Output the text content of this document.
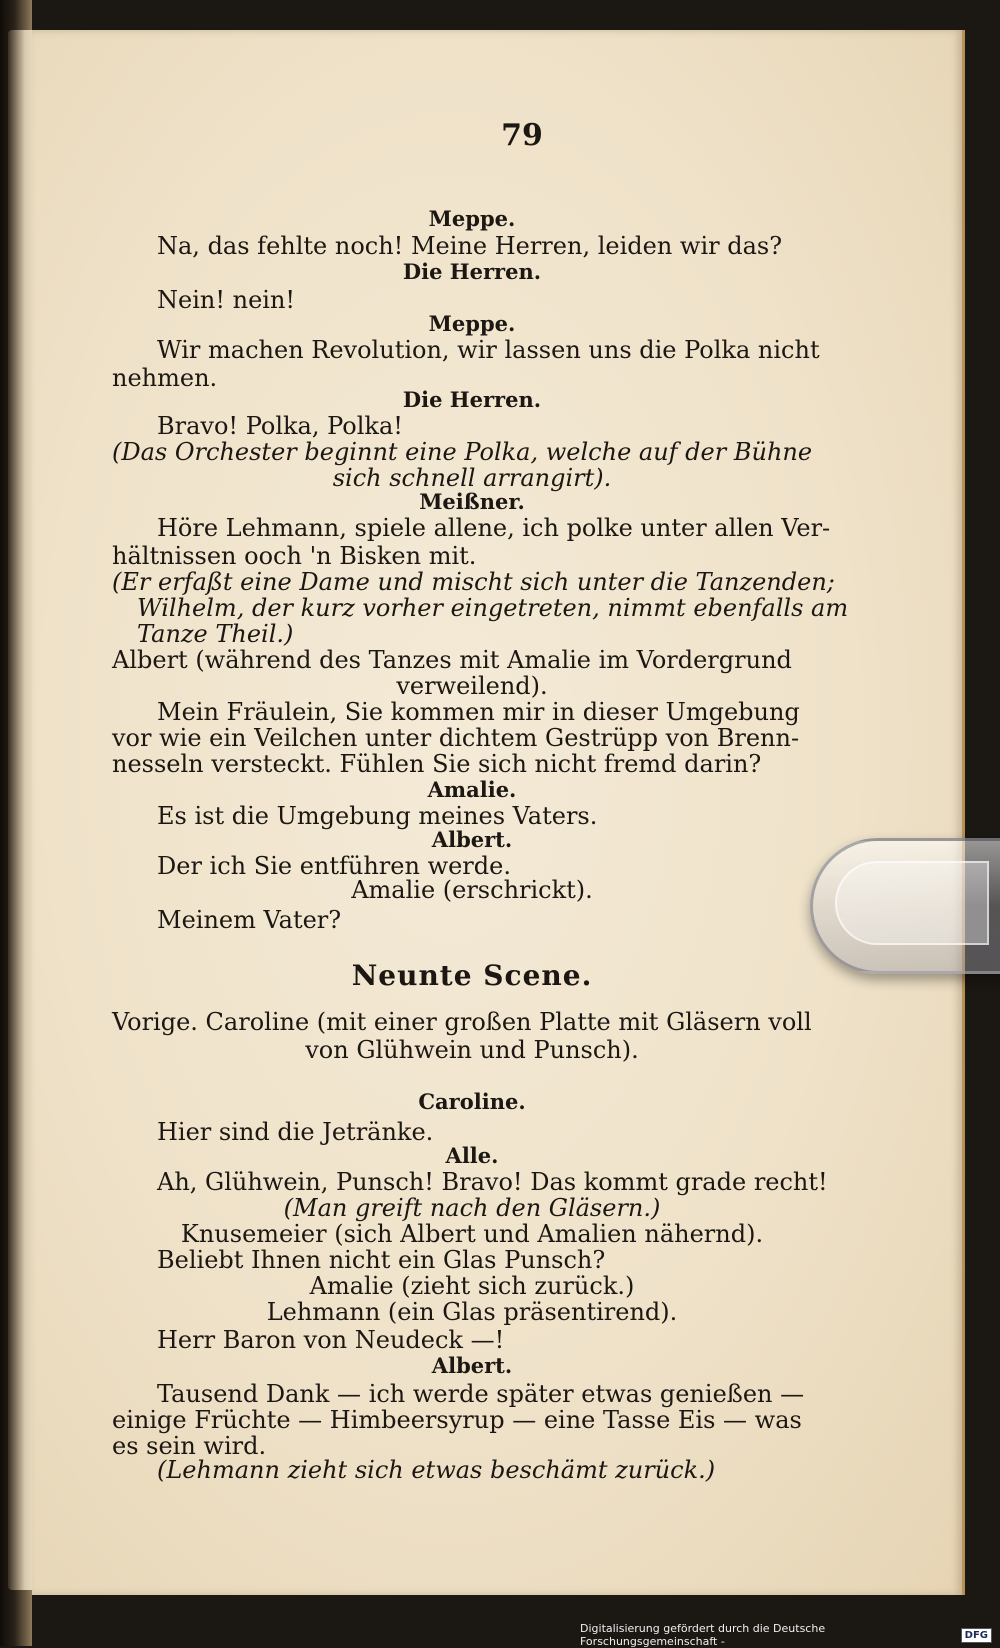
79
Meppe.
Na, das fehlte noch! Meine Herren, leiden wir das?
Die Herren.
Nein! nein!
Meppe.
Wir machen Revolution, wir lassen uns die Polka nicht
nehmen.
Die Herren.
Bravo! Polka, Polka!
(Das Orchester beginnt eine Polka, welche auf der Bühne
sich schnell arrangirt).
Meißner.
Höre Lehmann, spiele allene, ich polke unter allen Ver-
hältnissen ooch 'n Bisken mit.
(Er erfaßt eine Dame und mischt sich unter die Tanzenden;
Wilhelm, der kurz vorher eingetreten, nimmt ebenfalls am
Tanze Theil.)
Albert (während des Tanzes mit Amalie im Vordergrund
verweilend).
Mein Fräulein, Sie kommen mir in dieser Umgebung
vor wie ein Veilchen unter dichtem Gestrüpp von Brenn-
nesseln versteckt. Fühlen Sie sich nicht fremd darin?
Amalie.
Es ist die Umgebung meines Vaters.
Albert.
Der ich Sie entführen werde.
Amalie (erschrickt).
Meinem Vater?
Neunte Scene.
Vorige. Caroline (mit einer großen Platte mit Gläsern voll
von Glühwein und Punsch).
Caroline.
Hier sind die Jetränke.
Alle.
Ah, Glühwein, Punsch! Bravo! Das kommt grade recht!
(Man greift nach den Gläsern.)
Knusemeier (sich Albert und Amalien nähernd).
Beliebt Ihnen nicht ein Glas Punsch?
Amalie (zieht sich zurück.)
Lehmann (ein Glas präsentirend).
Herr Baron von Neudeck —!
Albert.
Tausend Dank — ich werde später etwas genießen —
einige Früchte — Himbeersyrup — eine Tasse Eis — was
es sein wird.
(Lehmann zieht sich etwas beschämt zurück.)
Digitalisierung gefördert durch die Deutsche Forschungsgemeinschaft -	DFG
